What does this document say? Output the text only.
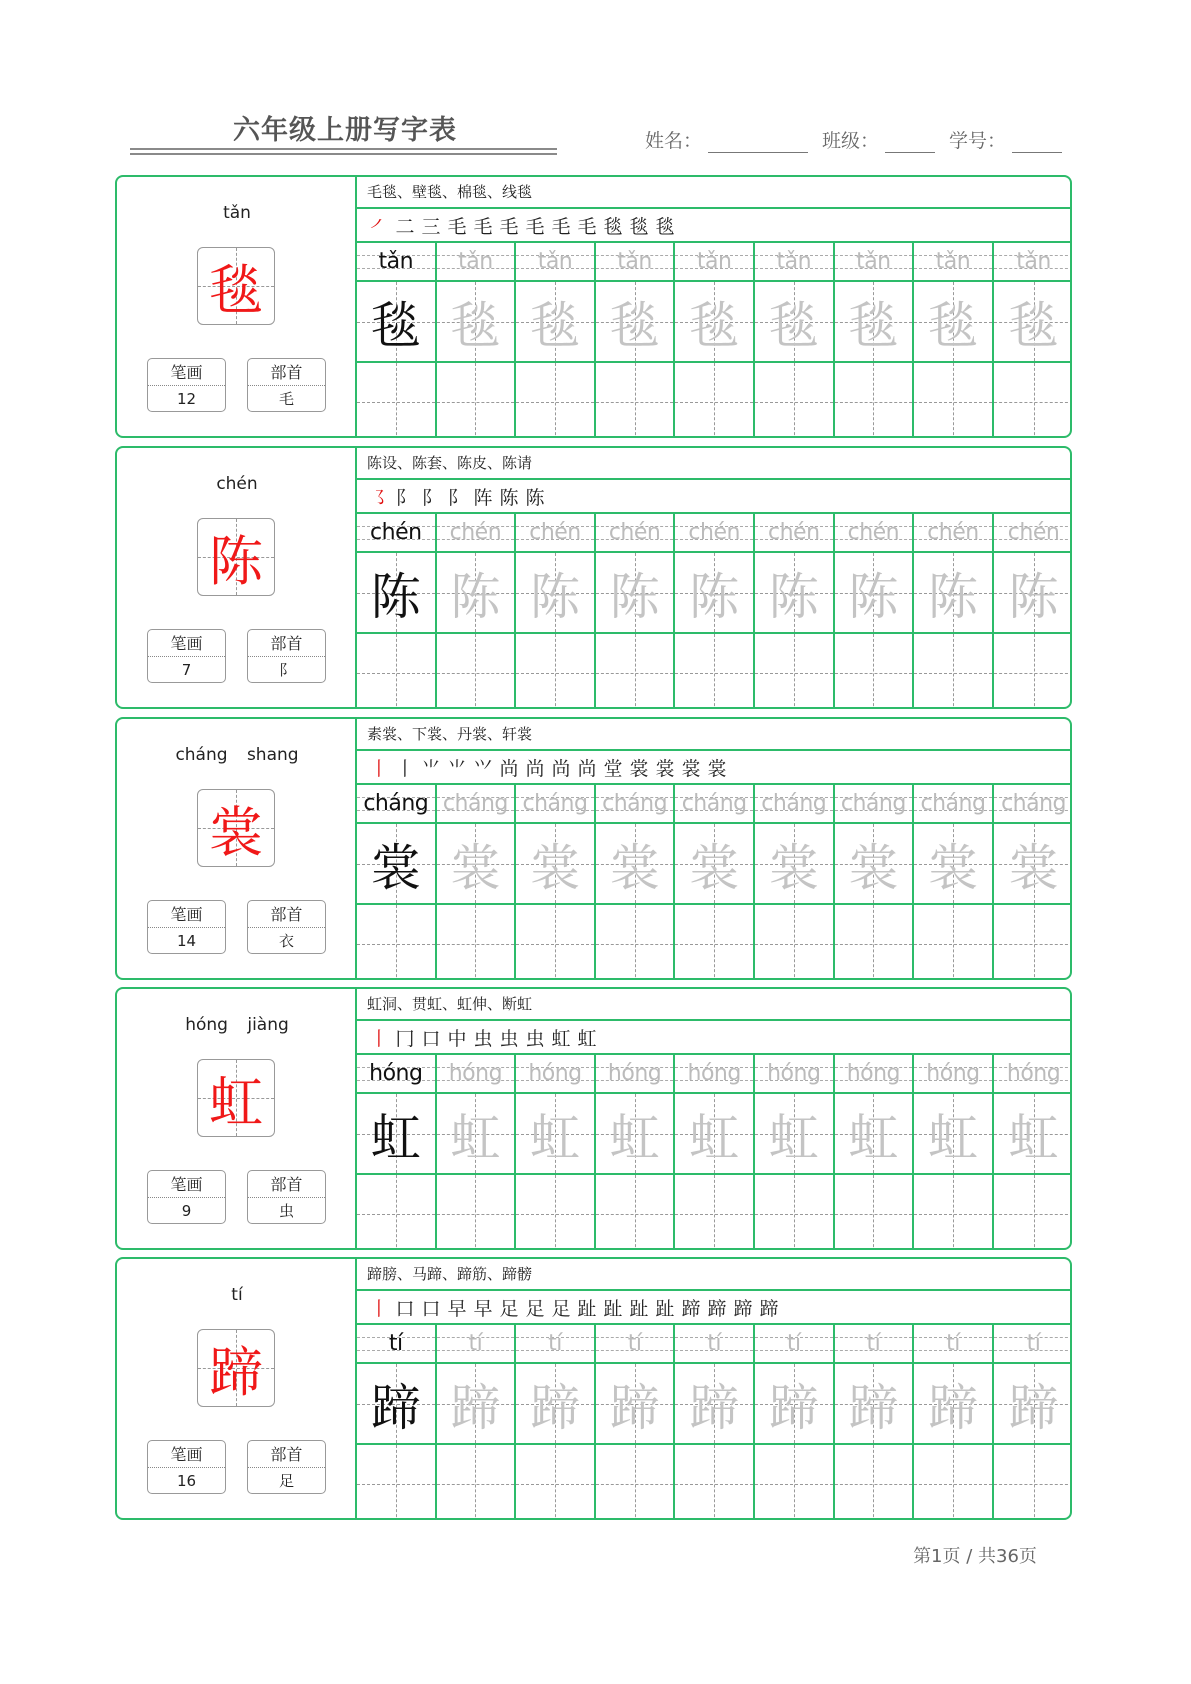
六年级上册写字表	姓名：	班级：	学号：
tǎn
毯
笔画
12
部首
毛
毛毯、壁毯、棉毯、线毯
㇒ 二 三 毛 毛 毛 毛 毛 毛 毯 毯 毯
tǎn	tǎn	tǎn	tǎn	tǎn	tǎn	tǎn	tǎn	tǎn
毯 毯 毯 毯 毯 毯 毯 毯 毯
chén
陈
笔画
7
部首
阝
陈设、陈套、陈皮、陈请
㇌ 阝 阝 阝 阵 陈 陈
chén	chén	chén	chén	chén	chén	chén	chén	chén
陈 陈 陈 陈 陈 陈 陈 陈 陈
cháng shang
裳
笔画
14
部首
衣
素裳、下裳、丹裳、轩裳
丨 丨 ⺌ ⺌ ⺍ 尚 尚 尚 尚 堂 裳 裳 裳 裳
cháng cháng cháng cháng cháng cháng cháng cháng cháng
裳 裳 裳 裳 裳 裳 裳 裳 裳
hóng jiàng
虹
笔画
9
部首
虫
虹洞、贯虹、虹伸、断虹
丨 冂 口 中 虫 虫 虫 虹 虹
hóng	hóng	hóng	hóng	hóng	hóng	hóng	hóng	hóng
虹 虹 虹 虹 虹 虹 虹 虹 虹
tí
蹄
笔画
16
部首
足
蹄膀、马蹄、蹄筋、蹄髈
丨 口 口 早 早 足 足 足 趾 趾 趾 趾 蹄 蹄 蹄 蹄
tí	tí	tí	tí	tí	tí	tí	tí	tí
蹄 蹄 蹄 蹄 蹄 蹄 蹄 蹄 蹄
第1页 / 共36页
